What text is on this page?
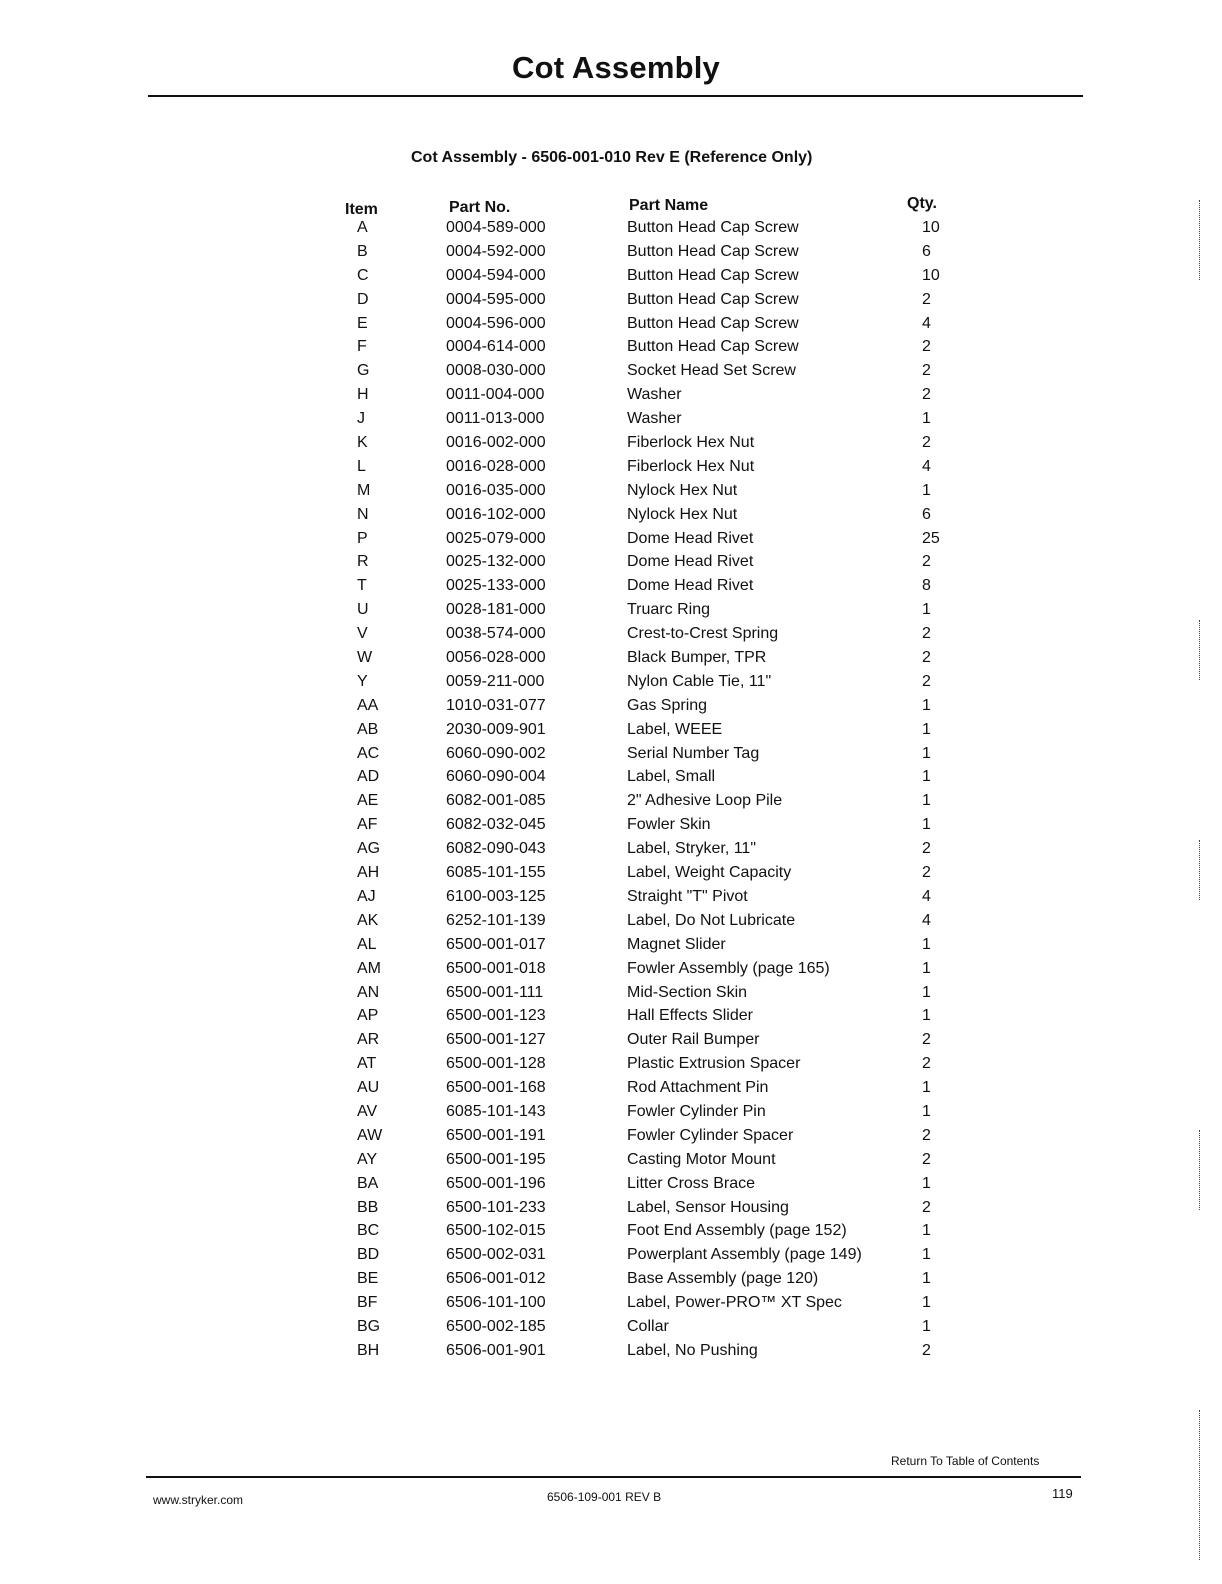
Cot Assembly
Cot Assembly - 6506-001-010 Rev E (Reference Only)
Item	Part No.	Part Name	Qty.
A	0004-589-000	Button Head Cap Screw	10
B	0004-592-000	Button Head Cap Screw	6
C	0004-594-000	Button Head Cap Screw	10
D	0004-595-000	Button Head Cap Screw	2
E	0004-596-000	Button Head Cap Screw	4
F	0004-614-000	Button Head Cap Screw	2
G	0008-030-000	Socket Head Set Screw	2
H	0011-004-000	Washer	2
J	0011-013-000	Washer	1
K	0016-002-000	Fiberlock Hex Nut	2
L	0016-028-000	Fiberlock Hex Nut	4
M	0016-035-000	Nylock Hex Nut	1
N	0016-102-000	Nylock Hex Nut	6
P	0025-079-000	Dome Head Rivet	25
R	0025-132-000	Dome Head Rivet	2
T	0025-133-000	Dome Head Rivet	8
U	0028-181-000	Truarc Ring	1
V	0038-574-000	Crest-to-Crest Spring	2
W	0056-028-000	Black Bumper, TPR	2
Y	0059-211-000	Nylon Cable Tie, 11"	2
AA	1010-031-077	Gas Spring	1
AB	2030-009-901	Label, WEEE	1
AC	6060-090-002	Serial Number Tag	1
AD	6060-090-004	Label, Small	1
AE	6082-001-085	2" Adhesive Loop Pile	1
AF	6082-032-045	Fowler Skin	1
AG	6082-090-043	Label, Stryker, 11"	2
AH	6085-101-155	Label, Weight Capacity	2
AJ	6100-003-125	Straight "T" Pivot	4
AK	6252-101-139	Label, Do Not Lubricate	4
AL	6500-001-017	Magnet Slider	1
AM	6500-001-018	Fowler Assembly (page 165)	1
AN	6500-001-111	Mid-Section Skin	1
AP	6500-001-123	Hall Effects Slider	1
AR	6500-001-127	Outer Rail Bumper	2
AT	6500-001-128	Plastic Extrusion Spacer	2
AU	6500-001-168	Rod Attachment Pin	1
AV	6085-101-143	Fowler Cylinder Pin	1
AW	6500-001-191	Fowler Cylinder Spacer	2
AY	6500-001-195	Casting Motor Mount	2
BA	6500-001-196	Litter Cross Brace	1
BB	6500-101-233	Label, Sensor Housing	2
BC	6500-102-015	Foot End Assembly (page 152)	1
BD	6500-002-031	Powerplant Assembly (page 149)	1
BE	6506-001-012	Base Assembly (page 120)	1
BF	6506-101-100	Label, Power-PRO™ XT Spec	1
BG	6500-002-185	Collar	1
BH	6506-001-901	Label, No Pushing	2
Return To Table of Contents
www.stryker.com	6506-109-001 REV B	119
